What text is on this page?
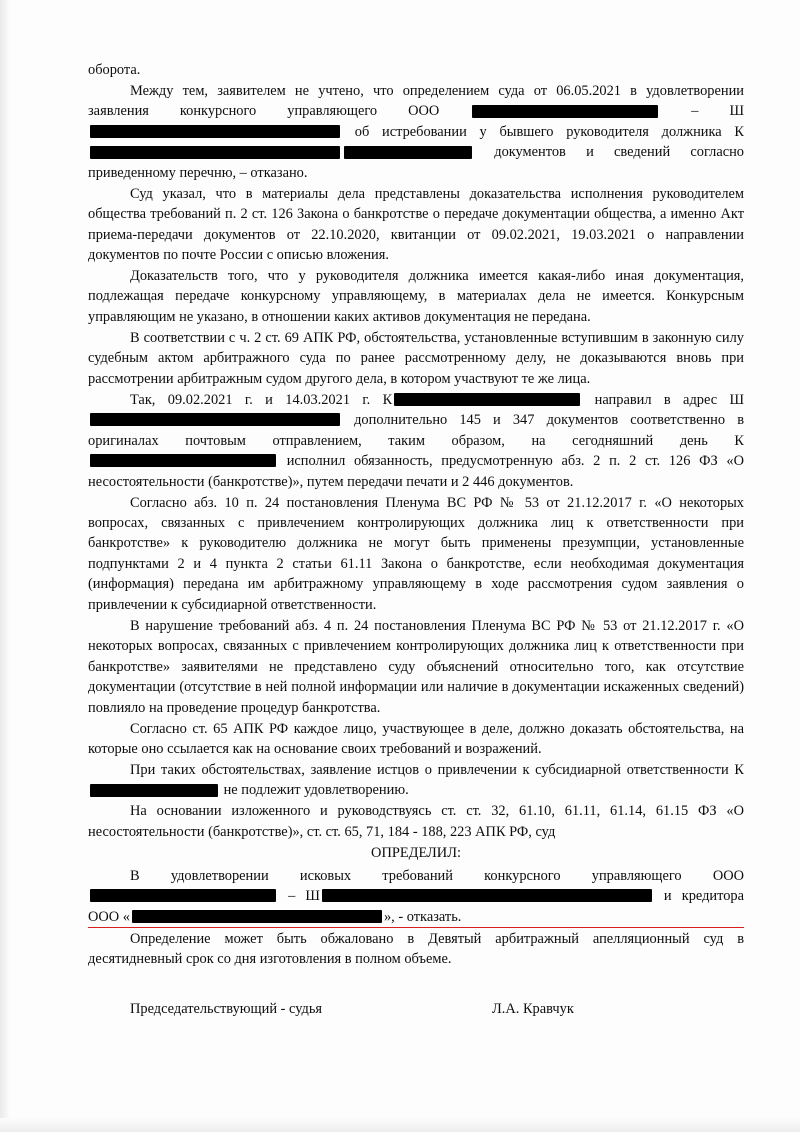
оборота.

Между тем, заявителем не учтено, что определением суда от 06.05.2021 в удовлетворении заявления конкурсного управляющего ООО	– Ш об истребовании у бывшего руководителя должника К документов и сведений согласно приведенному перечню, – отказано.

Суд указал, что в материалы дела представлены доказательства исполнения руководителем общества требований п. 2 ст. 126 Закона о банкротстве о передаче документации общества, а именно Акт приема-передачи документов от 22.10.2020, квитанции от 09.02.2021, 19.03.2021 о направлении документов по почте России с описью вложения.

Доказательств того, что у руководителя должника имеется какая-либо иная документация, подлежащая передаче конкурсному управляющему, в материалах дела не имеется. Конкурсным управляющим не указано, в отношении каких активов документация не передана.

В соответствии с ч. 2 ст. 69 АПК РФ, обстоятельства, установленные вступившим в законную силу судебным актом арбитражного суда по ранее рассмотренному делу, не доказываются вновь при рассмотрении арбитражным судом другого дела, в котором участвуют те же лица.

Так, 09.02.2021 г. и 14.03.2021 г. К	направил в адрес Ш дополнительно 145 и 347 документов соответственно в оригиналах почтовым отправлением, таким образом, на сегодняшний день К исполнил обязанность, предусмотренную абз. 2 п. 2 ст. 126 ФЗ «О несостоятельности (банкротстве)», путем передачи печати и 2 446 документов.

Согласно абз. 10 п. 24 постановления Пленума ВС РФ № 53 от 21.12.2017 г. «О некоторых вопросах, связанных с привлечением контролирующих должника лиц к ответственности при банкротстве» к руководителю должника не могут быть применены презумпции, установленные подпунктами 2 и 4 пункта 2 статьи 61.11 Закона о банкротстве, если необходимая документация (информация) передана им арбитражному управляющему в ходе рассмотрения судом заявления о привлечении к субсидиарной ответственности.

В нарушение требований абз. 4 п. 24 постановления Пленума ВС РФ № 53 от 21.12.2017 г. «О некоторых вопросах, связанных с привлечением контролирующих должника лиц к ответственности при банкротстве» заявителями не представлено суду объяснений относительно того, как отсутствие документации (отсутствие в ней полной информации или наличие в документации искаженных сведений) повлияло на проведение процедур банкротства.

Согласно ст. 65 АПК РФ каждое лицо, участвующее в деле, должно доказать обстоятельства, на которые оно ссылается как на основание своих требований и возражений.

При таких обстоятельствах, заявление истцов о привлечении к субсидиарной ответственности К не подлежит удовлетворению.

На основании изложенного и руководствуясь ст. ст. 32, 61.10, 61.11, 61.14, 61.15 ФЗ «О несостоятельности (банкротстве)», ст. ст. 65, 71, 184 - 188, 223 АПК РФ, суд

ОПРЕДЕЛИЛ:

В удовлетворении исковых требований конкурсного управляющего ООО  – Ш	и кредитора ООО «	», - отказать.

Определение может быть обжаловано в Девятый арбитражный апелляционный суд в десятидневный срок со дня изготовления в полном объеме.

Председательствующий - судья	Л.А. Кравчук
